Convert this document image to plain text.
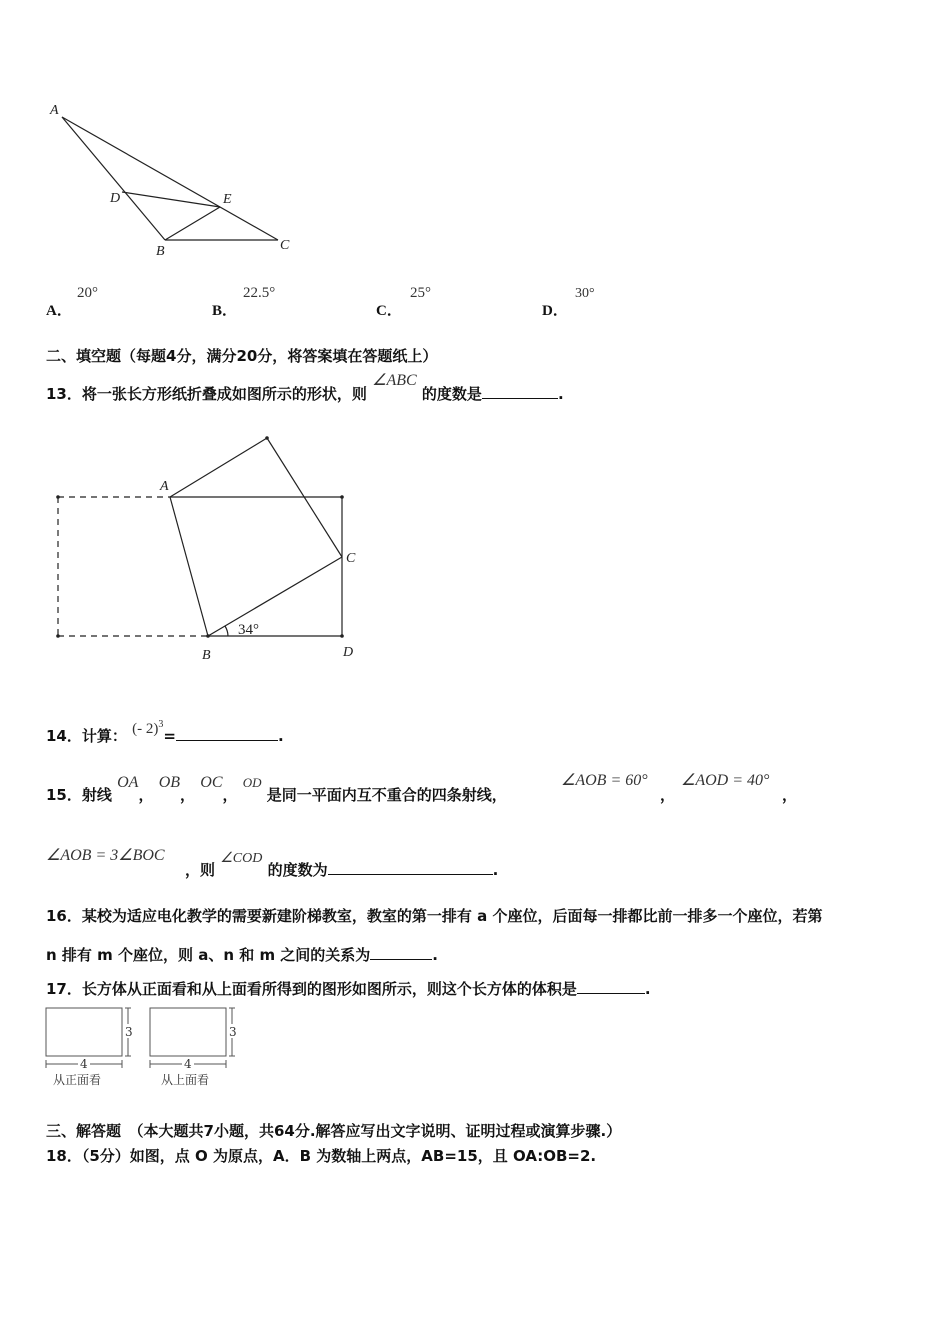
A
D	E
B	C
A．
20°
B．
22.5°
C．
25°
D．
30°
二、填空题（每题4分，满分20分，将答案填在答题纸上）
13．将一张长方形纸折叠成如图所示的形状，则 ∠ABC 的度数是	.
A
C
B	D
34°
14．计算： (- 2)$^3$=	.
15．射线 OA， OB， OC， OD 是同一平面内互不重合的四条射线，
∠AOB = 60°
，
∠AOD = 40°
，
∠AOB = 3∠BOC
，则 ∠COD 的度数为	.
16．某校为适应电化教学的需要新建阶梯教室，教室的第一排有 a 个座位，后面每一排都比前一排多一个座位，若第
n 排有 m 个座位，则 a、n 和 m 之间的关系为	.
17．长方体从正面看和从上面看所得到的图形如图所示，则这个长方体的体积是	.
4
3
4
3
从正面看	从上面看
三、解答题　（本大题共7小题，共64分.解答应写出文字说明、证明过程或演算步骤.）
18．（5分）如图，点 O 为原点，A．B 为数轴上两点，AB=15，且 OA:OB=2.
